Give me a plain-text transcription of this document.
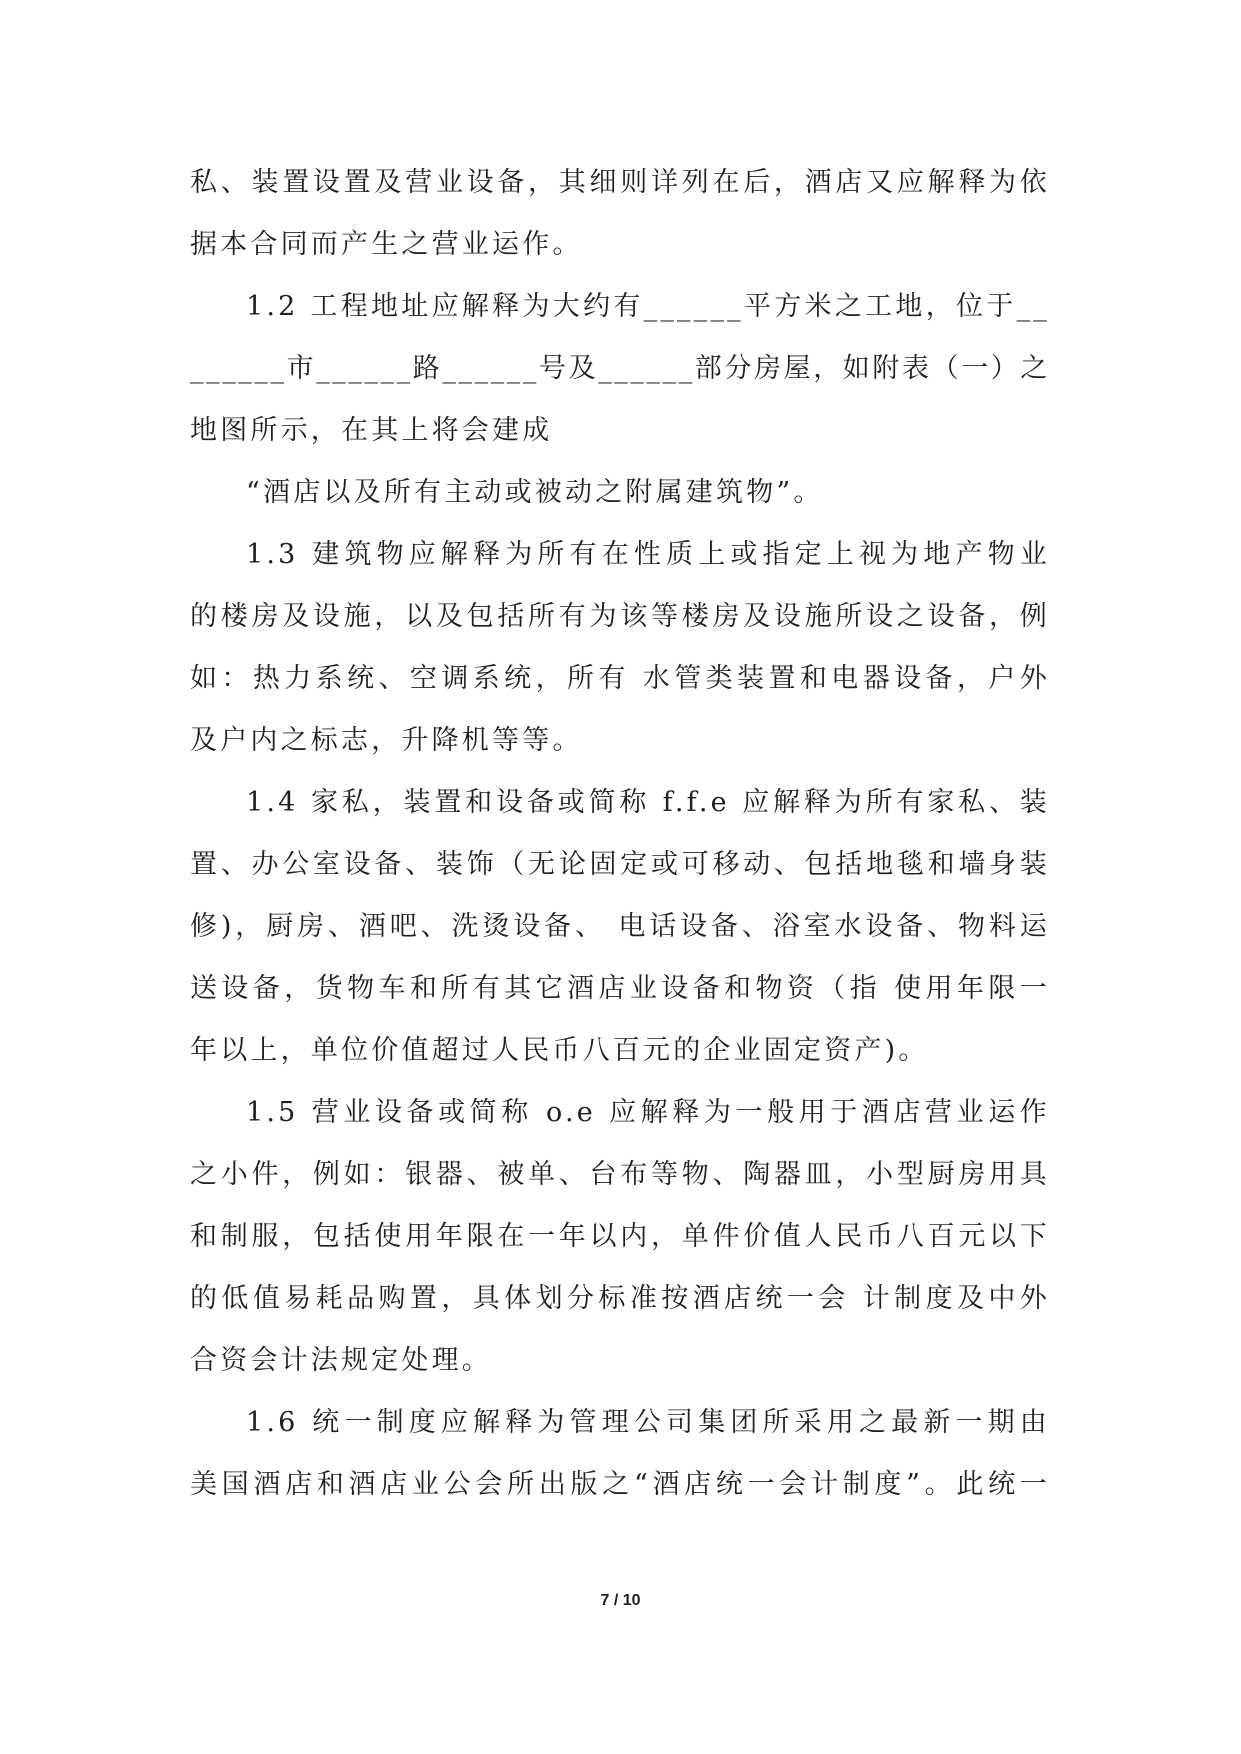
私、装置设置及营业设备，其细则详列在后，酒店又应解释为依
据本合同而产生之营业运作。
1.2 工程地址应解释为大约有______平方米之工地，位于__
______市______路______号及______部分房屋，如附表（一）之
地图所示，在其上将会建成
“酒店以及所有主动或被动之附属建筑物”。
1.3 建筑物应解释为所有在性质上或指定上视为地产物业
的楼房及设施，以及包括所有为该等楼房及设施所设之设备，例
如：热力系统、空调系统，所有 水管类装置和电器设备，户外
及户内之标志，升降机等等。
1.4 家私，装置和设备或简称 f.f.e 应解释为所有家私、装
置、办公室设备、装饰（无论固定或可移动、包括地毯和墙身装
修)，厨房、酒吧、洗烫设备、 电话设备、浴室水设备、物料运
送设备，货物车和所有其它酒店业设备和物资（指 使用年限一
年以上，单位价值超过人民币八百元的企业固定资产)。
1.5 营业设备或简称 o.e 应解释为一般用于酒店营业运作
之小件，例如：银器、被单、台布等物、陶器皿，小型厨房用具
和制服，包括使用年限在一年以内，单件价值人民币八百元以下
的低值易耗品购置，具体划分标准按酒店统一会 计制度及中外
合资会计法规定处理。
1.6 统一制度应解释为管理公司集团所采用之最新一期由
美国酒店和酒店业公会所出版之“酒店统一会计制度”。此统一
7 / 10
